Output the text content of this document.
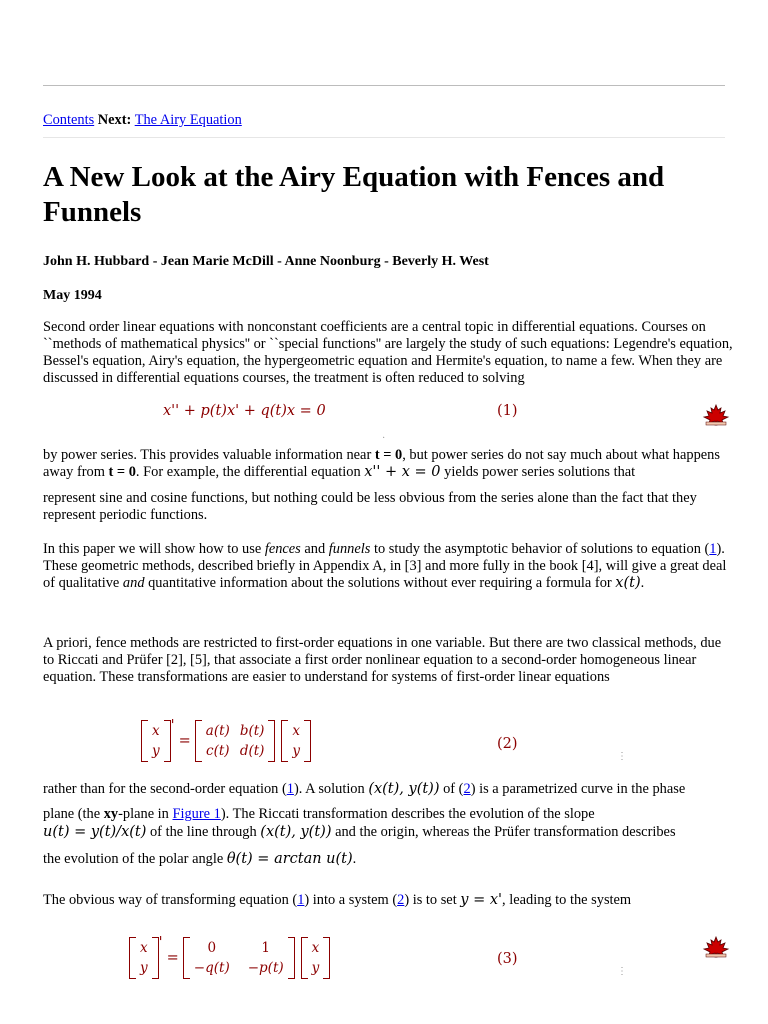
Contents Next: The Airy Equation
A New Look at the Airy Equation with Fences and Funnels
John H. Hubbard - Jean Marie McDill - Anne Noonburg - Beverly H. West
May 1994
Second order linear equations with nonconstant coefficients are a central topic in differential equations. Courses on ``methods of mathematical physics'' or ``special functions'' are largely the study of such equations: Legendre's equation, Bessel's equation, Airy's equation, the hypergeometric equation and Hermite's equation, to name a few. When they are discussed in differential equations courses, the treatment is often reduced to solving
x'' + p(t)x' + q(t)x = 0	(1)
·
by power series. This provides valuable information near t = 0, but power series do not say much about what happens away from t = 0. For example, the differential equation x'' + x = 0 yields power series solutions that
represent sine and cosine functions, but nothing could be less obvious from the series alone than the fact that they represent periodic functions.
In this paper we will show how to use fences and funnels to study the asymptotic behavior of solutions to equation (1). These geometric methods, described briefly in Appendix A, in [3] and more fully in the book [4], will give a great deal of qualitative and quantitative information about the solutions without ever requiring a formula for x(t).
A priori, fence methods are restricted to first-order equations in one variable. But there are two classical methods, due to Riccati and Prüfer [2], [5], that associate a first order nonlinear equation to a second-order homogeneous linear equation. These transformations are easier to understand for systems of first-order linear equations
x
y
'
=
a(t) b(t)
c(t) d(t)
x
y	(2)
⋮
rather than for the second-order equation (1). A solution (x(t), y(t)) of (2) is a parametrized curve in the phase
plane (the xy-plane in Figure 1). The Riccati transformation describes the evolution of the slope
u(t) = y(t)/x(t) of the line through (x(t), y(t)) and the origin, whereas the Prüfer transformation describes
the evolution of the polar angle θ(t) = arctan u(t).
The obvious way of transforming equation (1) into a system (2) is to set y = x', leading to the system
x
y
'
=
0	1
−q(t) −p(t)
x
y
(3)
⋮
